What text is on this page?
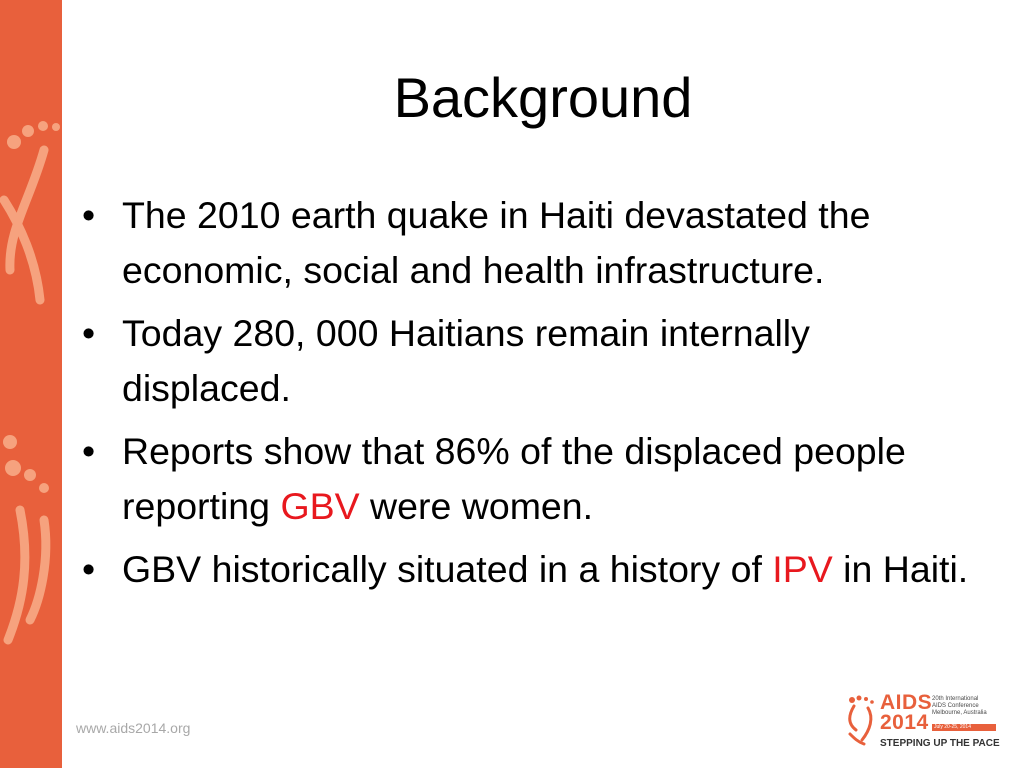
Background
• The 2010 earth quake in Haiti devastated the economic, social and health infrastructure.
• Today 280, 000 Haitians remain internally displaced.
• Reports show that 86% of the displaced people reporting GBV were women.
• GBV historically situated in a history of IPV in Haiti.
www.aids2014.org
AIDS
2014
20th International
AIDS Conference
Melbourne, Australia
July 20-25, 2014
STEPPING UP THE PACE
